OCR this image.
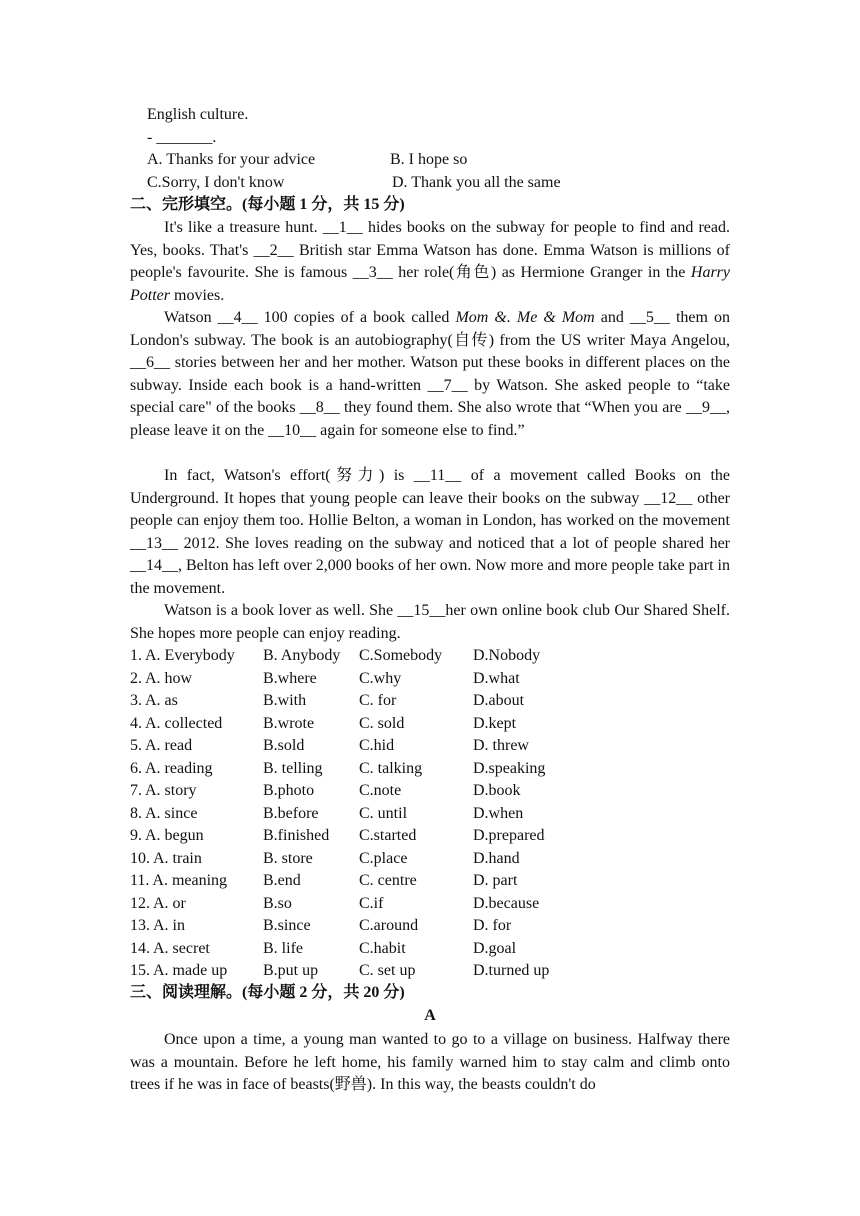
English culture.
- _______.
A. Thanks for your advice	B. I hope so
C.Sorry, I don't know	D. Thank you all the same
二、完形填空。(每小题 1 分，共 15 分)
It's like a treasure hunt. __1__ hides books on the subway for people to find and read. Yes, books. That's __2__ British star Emma Watson has done. Emma Watson is millions of people's favourite. She is famous __3__ her role(角色) as Hermione Granger in the Harry Potter movies.
Watson __4__ 100 copies of a book called Mom &. Me & Mom and __5__ them on London's subway. The book is an autobiography(自传) from the US writer Maya Angelou, __6__ stories between her and her mother. Watson put these books in different places on the subway. Inside each book is a hand-written __7__ by Watson. She asked people to “take special care" of the books __8__ they found them. She also wrote that “When you are __9__, please leave it on the __10__ again for someone else to find.”
In fact, Watson's effort(努力) is __11__ of a movement called Books on the Underground. It hopes that young people can leave their books on the subway __12__ other people can enjoy them too. Hollie Belton, a woman in London, has worked on the movement __13__ 2012. She loves reading on the subway and noticed that a lot of people shared her __14__, Belton has left over 2,000 books of her own. Now more and more people take part in the movement.
Watson is a book lover as well. She __15__her own online book club Our Shared Shelf. She hopes more people can enjoy reading.
1. A. Everybody B. Anybody C.Somebody D.Nobody
2. A. how	B.where	C.why	D.what
3. A. as	B.with	C. for	D.about
4. A. collected	B.wrote	C. sold	D.kept
5. A. read	B.sold	C.hid	D. threw
6. A. reading	B. telling C. talking	D.speaking
7. A. story	B.photo	C.note	D.book
8. A. since	B.before	C. until	D.when
9. A. begun	B.finished C.started	D.prepared
10. A. train	B. store	C.place	D.hand
11. A. meaning B.end	C. centre	D. part
12. A. or	B.so	C.if	D.because
13. A. in	B.since	C.around	D. for
14. A. secret	B. life	C.habit	D.goal
15. A. made up B.put up	C. set up	D.turned up
三、阅读理解。(每小题 2 分，共 20 分)
A
Once upon a time, a young man wanted to go to a village on business. Halfway there was a mountain. Before he left home, his family warned him to stay calm and climb onto trees if he was in face of beasts(野兽). In this way, the beasts couldn't do
